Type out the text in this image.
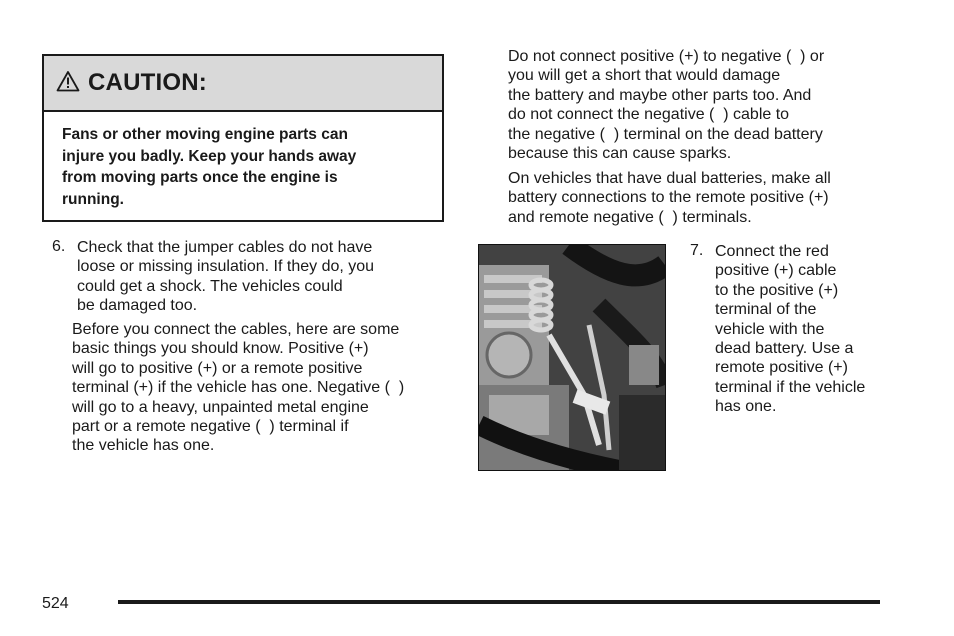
CAUTION:
Fans or other moving engine parts can
injure you badly. Keep your hands away
from moving parts once the engine is
running.
6. Check that the jumper cables do not have
loose or missing insulation. If they do, you
could get a shock. The vehicles could
be damaged too.
Before you connect the cables, here are some
basic things you should know. Positive (+)
will go to positive (+) or a remote positive
terminal (+) if the vehicle has one. Negative (  )
will go to a heavy, unpainted metal engine
part or a remote negative (  ) terminal if
the vehicle has one.
Do not connect positive (+) to negative (  ) or
you will get a short that would damage
the battery and maybe other parts too. And
do not connect the negative (  ) cable to
the negative (  ) terminal on the dead battery
because this can cause sparks.
On vehicles that have dual batteries, make all
battery connections to the remote positive (+)
and remote negative (  ) terminals.
7. Connect the red
positive (+) cable
to the positive (+)
terminal of the
vehicle with the
dead battery. Use a
remote positive (+)
terminal if the vehicle
has one.
524
